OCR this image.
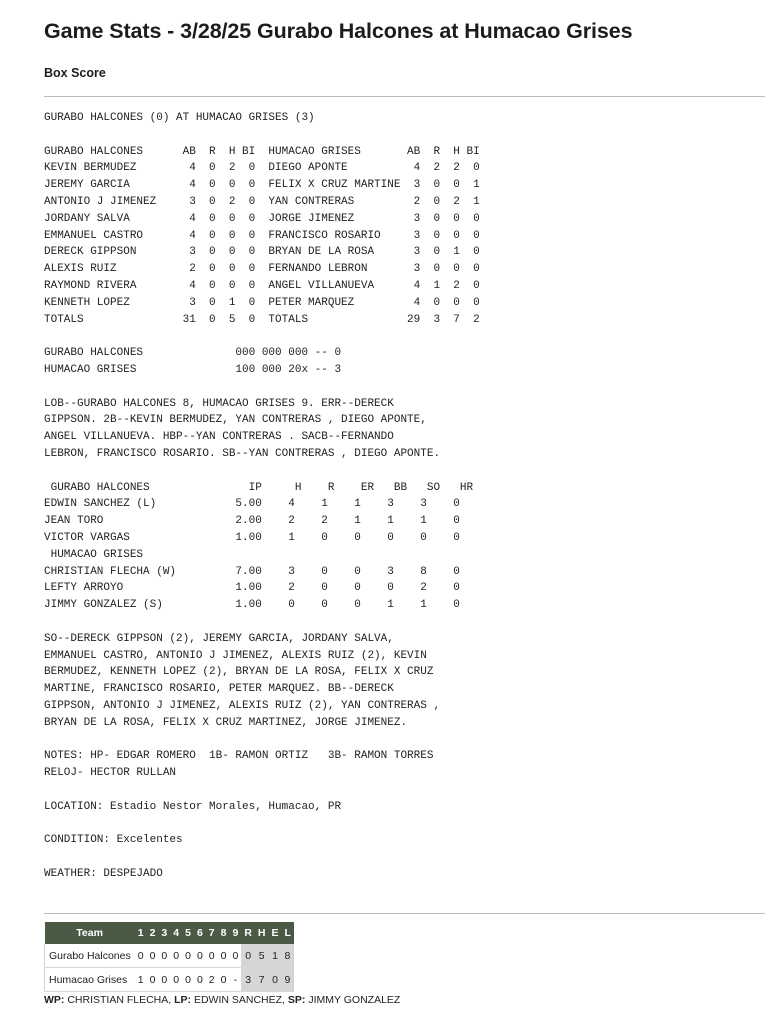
Game Stats - 3/28/25 Gurabo Halcones at Humacao Grises
Box Score
GURABO HALCONES (0) AT HUMACAO GRISES (3)
GURABO HALCONES      AB  R  H BI  HUMACAO GRISES       AB  R  H BI
KEVIN BERMUDEZ        4  0  2  0  DIEGO APONTE          4  2  2  0
JEREMY GARCIA         4  0  0  0  FELIX X CRUZ MARTINE  3  0  0  1
ANTONIO J JIMENEZ     3  0  2  0  YAN CONTRERAS         2  0  2  1
JORDANY SALVA         4  0  0  0  JORGE JIMENEZ         3  0  0  0
EMMANUEL CASTRO       4  0  0  0  FRANCISCO ROSARIO     3  0  0  0
DERECK GIPPSON        3  0  0  0  BRYAN DE LA ROSA      3  0  1  0
ALEXIS RUIZ           2  0  0  0  FERNANDO LEBRON       3  0  0  0
RAYMOND RIVERA        4  0  0  0  ANGEL VILLANUEVA      4  1  2  0
KENNETH LOPEZ         3  0  1  0  PETER MARQUEZ         4  0  0  0
TOTALS               31  0  5  0  TOTALS               29  3  7  2
GURABO HALCONES              000 000 000 -- 0
HUMACAO GRISES               100 000 20x -- 3
LOB--GURABO HALCONES 8, HUMACAO GRISES 9. ERR--DERECK
GIPPSON. 2B--KEVIN BERMUDEZ, YAN CONTRERAS , DIEGO APONTE,
ANGEL VILLANUEVA. HBP--YAN CONTRERAS . SACB--FERNANDO
LEBRON, FRANCISCO ROSARIO. SB--YAN CONTRERAS , DIEGO APONTE.
GURABO HALCONES               IP     H    R    ER   BB   SO   HR
EDWIN SANCHEZ (L)            5.00    4    1    1    3    3    0
JEAN TORO                    2.00    2    2    1    1    1    0
VICTOR VARGAS                1.00    1    0    0    0    0    0
HUMACAO GRISES
CHRISTIAN FLECHA (W)         7.00    3    0    0    3    8    0
LEFTY ARROYO                 1.00    2    0    0    0    2    0
JIMMY GONZALEZ (S)           1.00    0    0    0    1    1    0
SO--DERECK GIPPSON (2), JEREMY GARCIA, JORDANY SALVA,
EMMANUEL CASTRO, ANTONIO J JIMENEZ, ALEXIS RUIZ (2), KEVIN
BERMUDEZ, KENNETH LOPEZ (2), BRYAN DE LA ROSA, FELIX X CRUZ
MARTINE, FRANCISCO ROSARIO, PETER MARQUEZ. BB--DERECK
GIPPSON, ANTONIO J JIMENEZ, ALEXIS RUIZ (2), YAN CONTRERAS ,
BRYAN DE LA ROSA, FELIX X CRUZ MARTINEZ, JORGE JIMENEZ.
NOTES: HP- EDGAR ROMERO  1B- RAMON ORTIZ   3B- RAMON TORRES
RELOJ- HECTOR RULLAN
LOCATION: Estadio Nestor Morales, Humacao, PR
CONDITION: Excelentes
WEATHER: DESPEJADO
Team	1	2	3	4	5	6	7	8	9	R	H	E	L
Gurabo Halcones	0	0	0	0	0	0	0	0	0	0	5	1	8
Humacao Grises	1	0	0	0	0	0	2	0	-	3	7	0	9
WP: CHRISTIAN FLECHA, LP: EDWIN SANCHEZ, SP: JIMMY GONZALEZ
